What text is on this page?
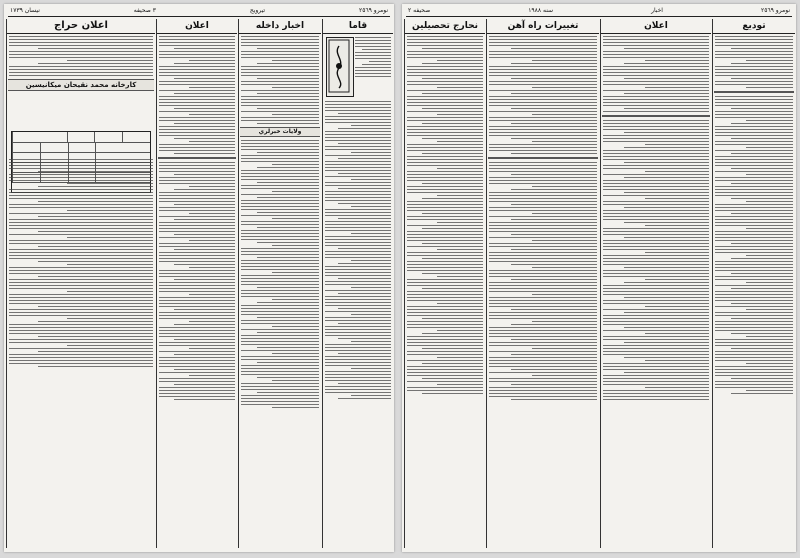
نومرو ٢٥٦٩
تيرويج
٣ صحيفه
نيسان ١٧٣٩
اعلان حراج
كارخانه محمد نقيحان ميكانيسين
اعلان	اخبار داخله
ولايات خبرلري
قاما
نومرو ٢٥٦٩
اخبار
سنه ١٩٨٨
صحيفه ٢
نحارج تحصيلين	تغييرات راه آهن	اعلان	توديع
